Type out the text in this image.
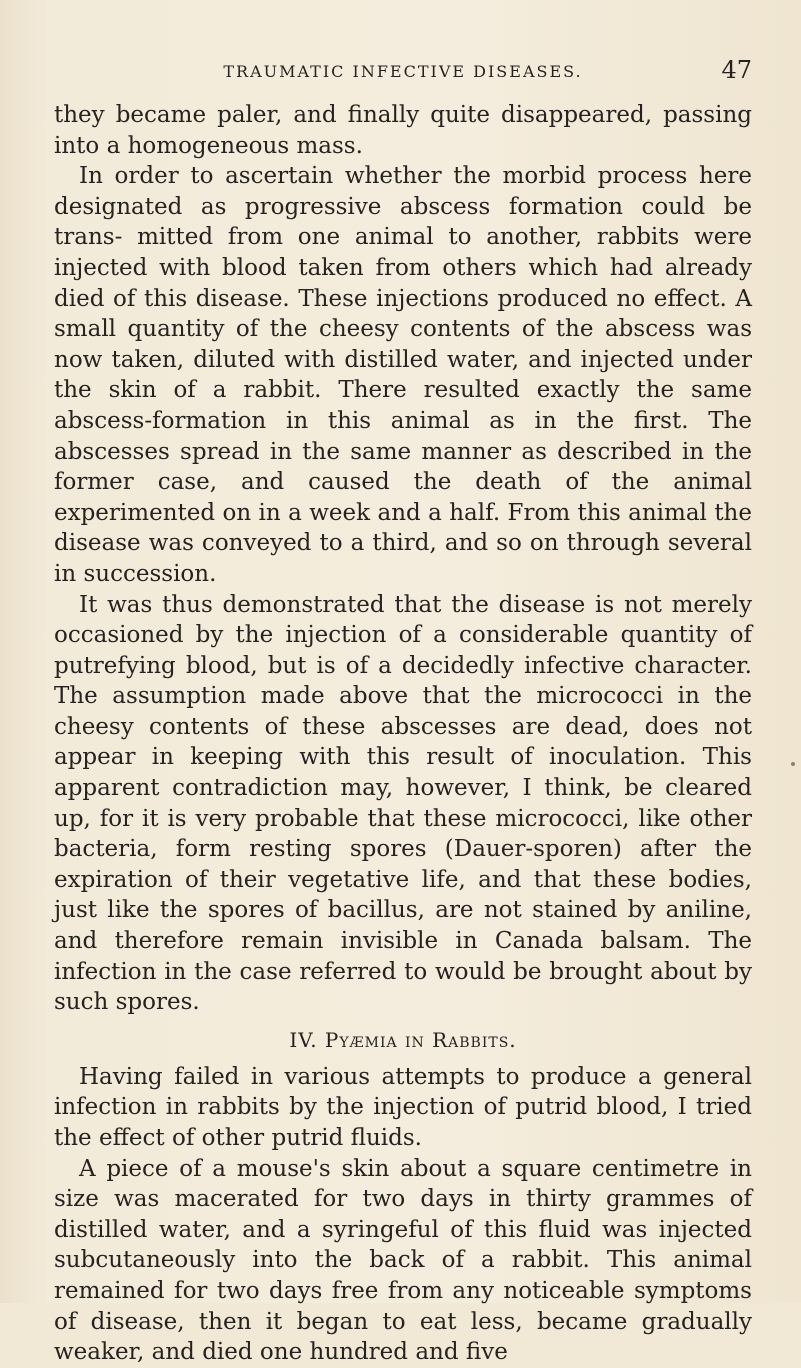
TRAUMATIC INFECTIVE DISEASES.	47

they became paler, and finally quite disappeared, passing into a homogeneous mass.

In order to ascertain whether the morbid process here designated as progressive abscess formation could be trans- mitted from one animal to another, rabbits were injected with blood taken from others which had already died of this disease. These injections produced no effect. A small quantity of the cheesy contents of the abscess was now taken, diluted with distilled water, and injected under the skin of a rabbit. There resulted exactly the same abscess-formation in this animal as in the first. The abscesses spread in the same manner as described in the former case, and caused the death of the animal experimented on in a week and a half. From this animal the disease was conveyed to a third, and so on through several in succession.

It was thus demonstrated that the disease is not merely occasioned by the injection of a considerable quantity of putrefying blood, but is of a decidedly infective character. The assumption made above that the micrococci in the cheesy contents of these abscesses are dead, does not appear in keeping with this result of inoculation. This apparent contradiction may, however, I think, be cleared up, for it is very probable that these micrococci, like other bacteria, form resting spores (Dauer-sporen) after the expiration of their vegetative life, and that these bodies, just like the spores of bacillus, are not stained by aniline, and therefore remain invisible in Canada balsam. The infection in the case referred to would be brought about by such spores.

IV. Pyæmia in Rabbits.

Having failed in various attempts to produce a general infection in rabbits by the injection of putrid blood, I tried the effect of other putrid fluids.

A piece of a mouse's skin about a square centimetre in size was macerated for two days in thirty grammes of distilled water, and a syringeful of this fluid was injected subcutaneously into the back of a rabbit. This animal remained for two days free from any noticeable symptoms of disease, then it began to eat less, became gradually weaker, and died one hundred and five
